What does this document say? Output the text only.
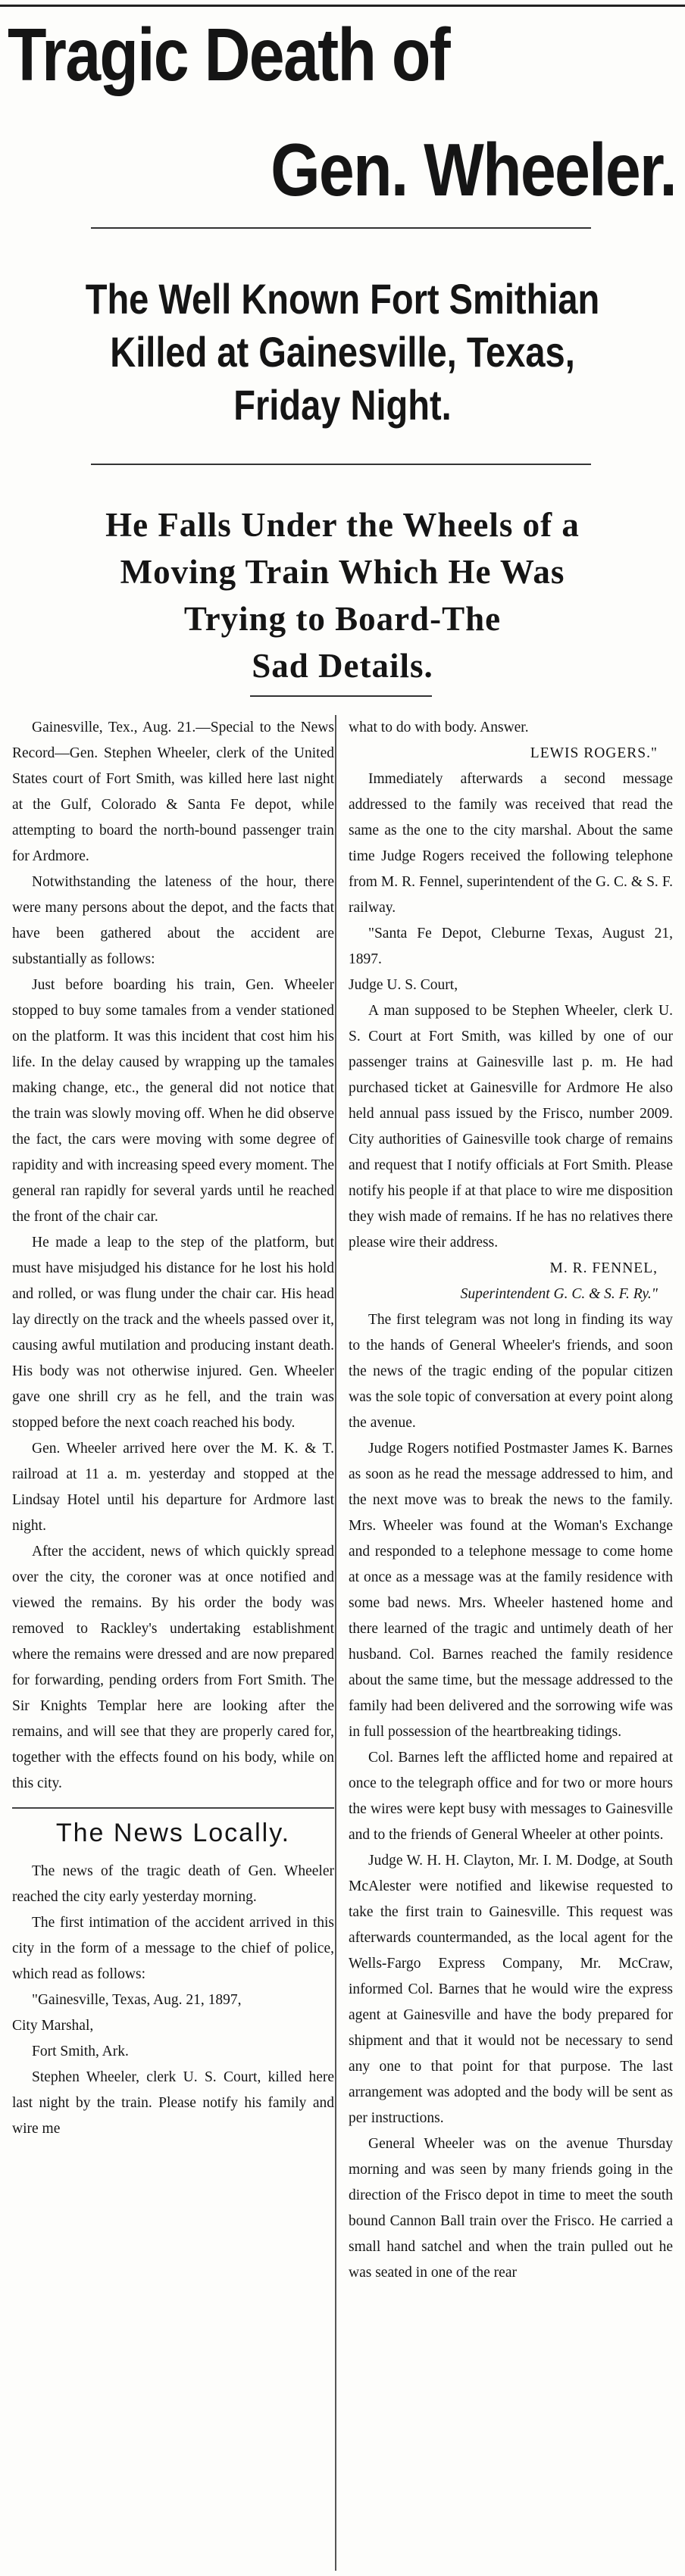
Tragic Death of
Gen. Wheeler.
The Well Known Fort Smithian
Killed at Gainesville, Texas,
Friday Night.
He Falls Under the Wheels of a
Moving Train Which He Was
Trying to Board-The
Sad Details.

Gainesville, Tex., Aug. 21.—Special to the News Record—Gen. Stephen Wheeler, clerk of the United States court of Fort Smith, was killed here last night at the Gulf, Colorado & Santa Fe depot, while attempting to board the north-bound passenger train for Ardmore.

Notwithstanding the lateness of the hour, there were many persons about the depot, and the facts that have been gathered about the accident are substantially as follows:

Just before boarding his train, Gen. Wheeler stopped to buy some tamales from a vender stationed on the platform. It was this incident that cost him his life. In the delay caused by wrapping up the tamales making change, etc., the general did not notice that the train was slowly moving off. When he did observe the fact, the cars were moving with some degree of rapidity and with increasing speed every moment. The general ran rapidly for several yards until he reached the front of the chair car.

He made a leap to the step of the platform, but must have misjudged his distance for he lost his hold and rolled, or was flung under the chair car. His head lay directly on the track and the wheels passed over it, causing awful mutilation and producing instant death. His body was not otherwise injured. Gen. Wheeler gave one shrill cry as he fell, and the train was stopped before the next coach reached his body.

Gen. Wheeler arrived here over the M. K. & T. railroad at 11 a. m. yesterday and stopped at the Lindsay Hotel until his departure for Ardmore last night.

After the accident, news of which quickly spread over the city, the coroner was at once notified and viewed the remains. By his order the body was removed to Rackley's undertaking establishment where the remains were dressed and are now prepared for forwarding, pending orders from Fort Smith. The Sir Knights Templar here are looking after the remains, and will see that they are properly cared for, together with the effects found on his body, while on this city.

The News Locally.

The news of the tragic death of Gen. Wheeler reached the city early yesterday morning.

The first intimation of the accident arrived in this city in the form of a message to the chief of police, which read as follows:

"Gainesville, Texas, Aug. 21, 1897,

City Marshal,

Fort Smith, Ark.

Stephen Wheeler, clerk U. S. Court, killed here last night by the train. Please notify his family and wire me

what to do with body. Answer.

LEWIS ROGERS."

Immediately afterwards a second message addressed to the family was received that read the same as the one to the city marshal. About the same time Judge Rogers received the following telephone from M. R. Fennel, superintendent of the G. C. & S. F. railway.

"Santa Fe Depot, Cleburne Texas, August 21, 1897.

Judge U. S. Court,

A man supposed to be Stephen Wheeler, clerk U. S. Court at Fort Smith, was killed by one of our passenger trains at Gainesville last p. m. He had purchased ticket at Gainesville for Ardmore He also held annual pass issued by the Frisco, number 2009. City authorities of Gainesville took charge of remains and request that I notify officials at Fort Smith. Please notify his people if at that place to wire me disposition they wish made of remains. If he has no relatives there please wire their address.

M. R. FENNEL,

Superintendent G. C. & S. F. Ry."

The first telegram was not long in finding its way to the hands of General Wheeler's friends, and soon the news of the tragic ending of the popular citizen was the sole topic of conversation at every point along the avenue.

Judge Rogers notified Postmaster James K. Barnes as soon as he read the message addressed to him, and the next move was to break the news to the family. Mrs. Wheeler was found at the Woman's Exchange and responded to a telephone message to come home at once as a message was at the family residence with some bad news. Mrs. Wheeler hastened home and there learned of the tragic and untimely death of her husband. Col. Barnes reached the family residence about the same time, but the message addressed to the family had been delivered and the sorrowing wife was in full possession of the heartbreaking tidings.

Col. Barnes left the afflicted home and repaired at once to the telegraph office and for two or more hours the wires were kept busy with messages to Gainesville and to the friends of General Wheeler at other points.

Judge W. H. H. Clayton, Mr. I. M. Dodge, at South McAlester were notified and likewise requested to take the first train to Gainesville. This request was afterwards countermanded, as the local agent for the Wells-Fargo Express Company, Mr. McCraw, informed Col. Barnes that he would wire the express agent at Gainesville and have the body prepared for shipment and that it would not be necessary to send any one to that point for that purpose. The last arrangement was adopted and the body will be sent as per instructions.

General Wheeler was on the avenue Thursday morning and was seen by many friends going in the direction of the Frisco depot in time to meet the south bound Cannon Ball train over the Frisco. He carried a small hand satchel and when the train pulled out he was seated in one of the rear
